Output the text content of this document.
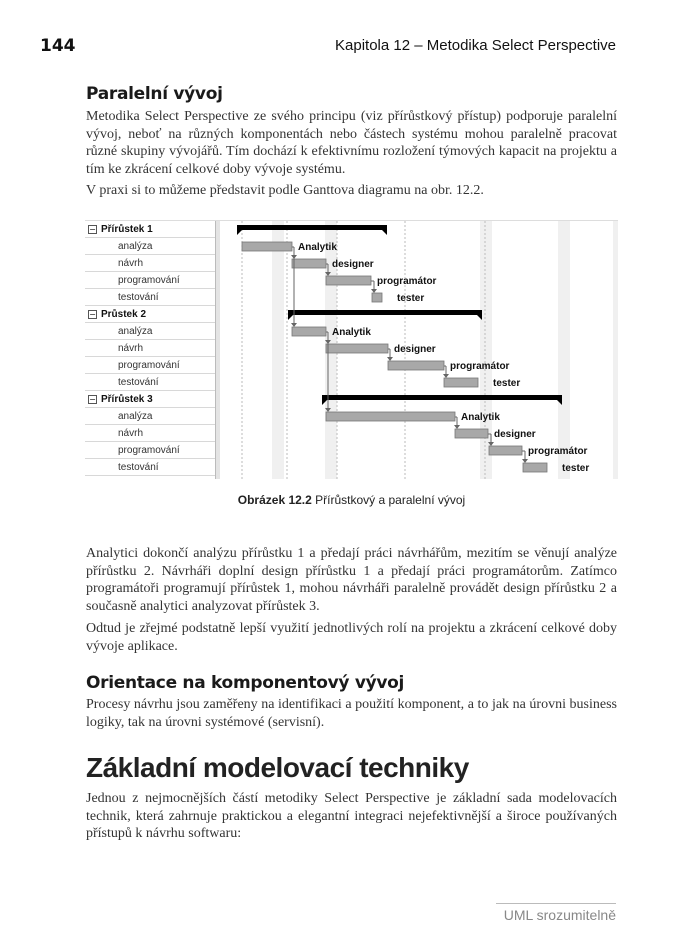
144	Kapitola 12 – Metodika Select Perspective
Paralelní vývoj

Metodika Select Perspective ze svého principu (viz přírůstkový přístup) podporuje paralelní vývoj, neboť na různých komponentách nebo částech systému mohou paralelně pracovat různé skupiny vývojářů. Tím dochází k efektivnímu rozložení týmových kapacit na projektu a tím ke zkrácení celkové doby vývoje systému.

V praxi si to můžeme představit podle Ganttova diagramu na obr. 12.2.

− Přírůstek 1
analýza
návrh
programování
testování
− Průstek 2
analýza
návrh
programování
testování
− Přírůstek 3
analýza
návrh
programování
testování
Analytik
designer
programátor
tester
Analytik
designer
programátor
tester
Analytik
designer
programátor
tester
Obrázek 12.2 Přírůstkový a paralelní vývoj

Analytici dokončí analýzu přírůstku 1 a předají práci návrhářům, mezitím se věnují analýze přírůstku 2. Návrháři doplní design přírůstku 1 a předají práci programátorům. Zatímco programátoři programují přírůstek 1, mohou návrháři paralelně provádět design přírůstku 2 a současně analytici analyzovat přírůstek 3.

Odtud je zřejmé podstatně lepší využití jednotlivých rolí na projektu a zkrácení celkové doby vývoje aplikace.

Orientace na komponentový vývoj

Procesy návrhu jsou zaměřeny na identifikaci a použití komponent, a to jak na úrovni business logiky, tak na úrovni systémové (servisní).

Základní modelovací techniky

Jednou z nejmocnějších částí metodiky Select Perspective je základní sada modelovacích technik, která zahrnuje praktickou a elegantní integraci nejefektivnější a široce používaných přístupů k návrhu softwaru:

UML srozumitelně
